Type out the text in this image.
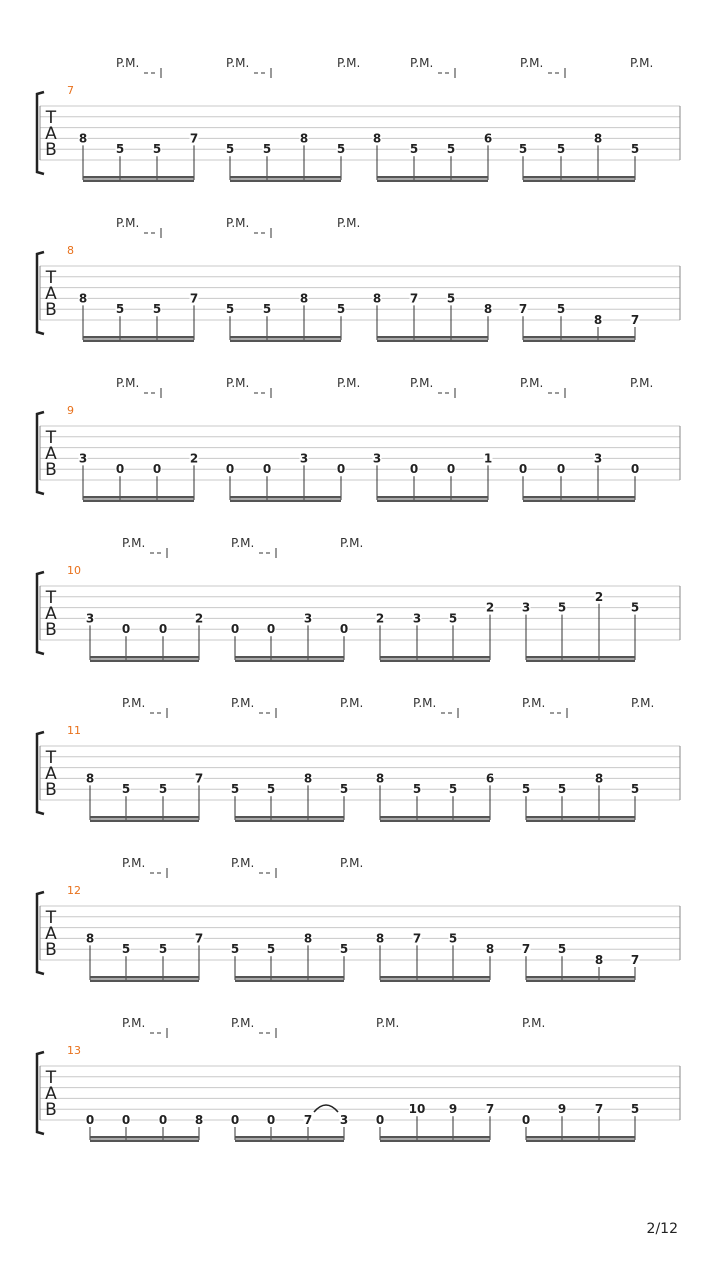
T
A
B
7
P.M.	P.M.	P.M.	P.M.	P.M.	P.M.
8
5 5
7
5 5
8
5
8
5 5
6
5 5
8
5
T
A
B
8
P.M.	P.M.	P.M.
8
5 5
7
5 5
8
5
8 7 5
8 7 5
8 7
T
A
B
9
P.M.	P.M.	P.M.	P.M.	P.M.	P.M.
3
0 0
2
0 0
3
0
3
0 0
1
0 0
3
0
T
A
B
10
P.M.	P.M.	P.M.
3
0 0
2
0 0
3
0
2 3 5
2 3 5
2
5
T
A
B
11
P.M.	P.M.	P.M.	P.M.	P.M.	P.M.
8
5 5
7
5 5
8
5
8
5 5
6
5 5
8
5
T
A
B
12
P.M.	P.M.	P.M.
8
5 5
7
5 5
8
5
8 7 5
8 7 5
8 7
T
A
B
13
P.M.	P.M.	P.M.	P.M.
0 0 0 8 0 0 7 3 0
10 9 7
0
9 7 5
2/12
